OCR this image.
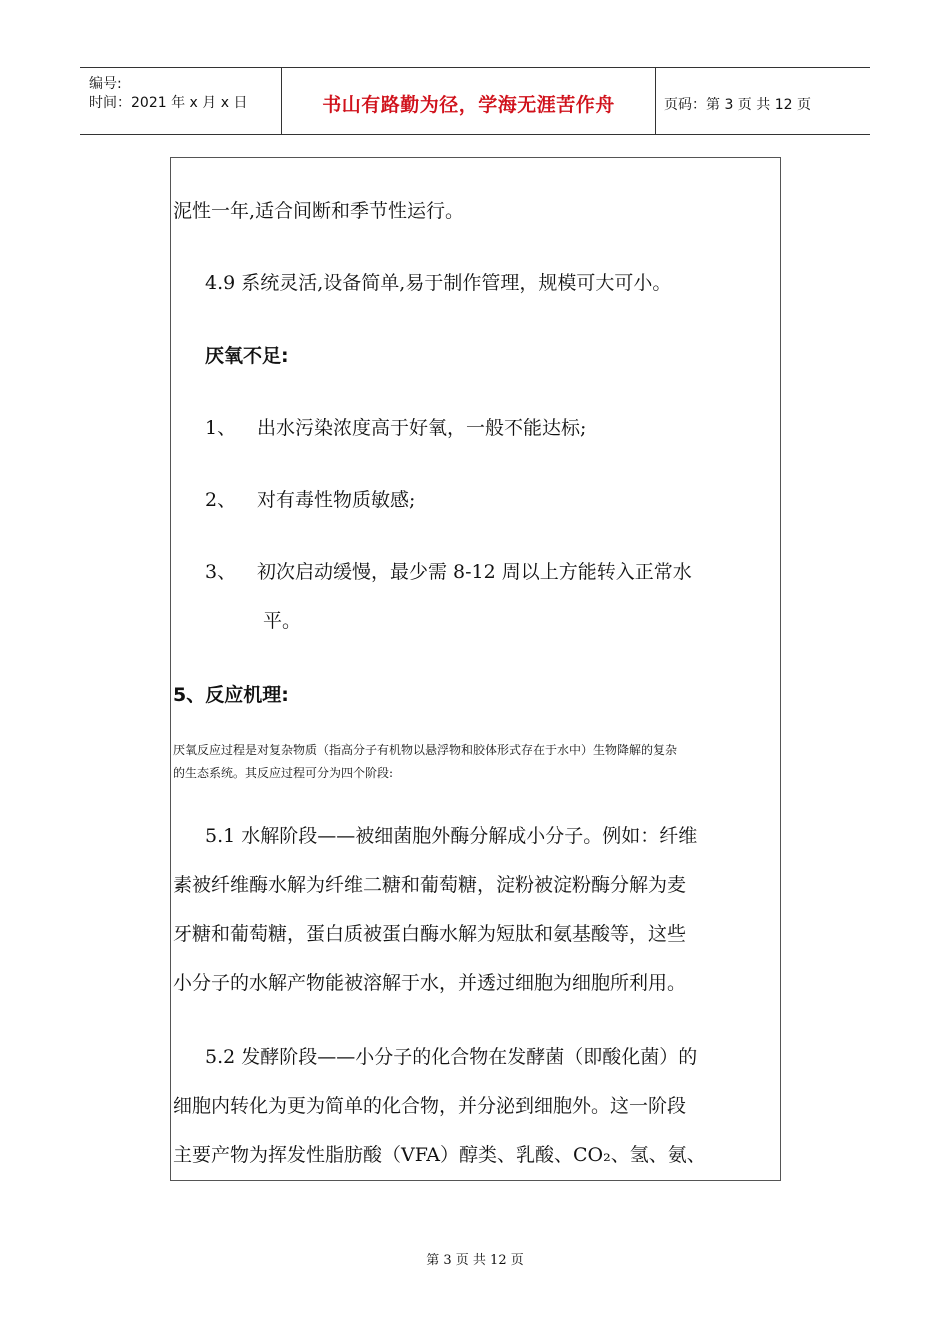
编号:
时间：2021 年 x 月 x 日	书山有路勤为径，学海无涯苦作舟	页码：第 3 页 共 12 页

泥性一年,适合间断和季节性运行。

4.9 系统灵活,设备简单,易于制作管理，规模可大可小。

厌氧不足:

1、 出水污染浓度高于好氧，一般不能达标;

2、 对有毒性物质敏感;

3、 初次启动缓慢，最少需 8-12 周以上方能转入正常水

平。

5、反应机理:

厌氧反应过程是对复杂物质（指高分子有机物以悬浮物和胶体形式存在于水中）生物降解的复杂

的生态系统。其反应过程可分为四个阶段:

5.1 水解阶段——被细菌胞外酶分解成小分子。例如：纤维
素被纤维酶水解为纤维二糖和葡萄糖，淀粉被淀粉酶分解为麦
牙糖和葡萄糖，蛋白质被蛋白酶水解为短肽和氨基酸等，这些
小分子的水解产物能被溶解于水，并透过细胞为细胞所利用。
5.2 发酵阶段——小分子的化合物在发酵菌（即酸化菌）的
细胞内转化为更为简单的化合物，并分泌到细胞外。这一阶段
主要产物为挥发性脂肪酸（VFA）醇类、乳酸、CO₂、氢、氨、
第 3 页 共 12 页
